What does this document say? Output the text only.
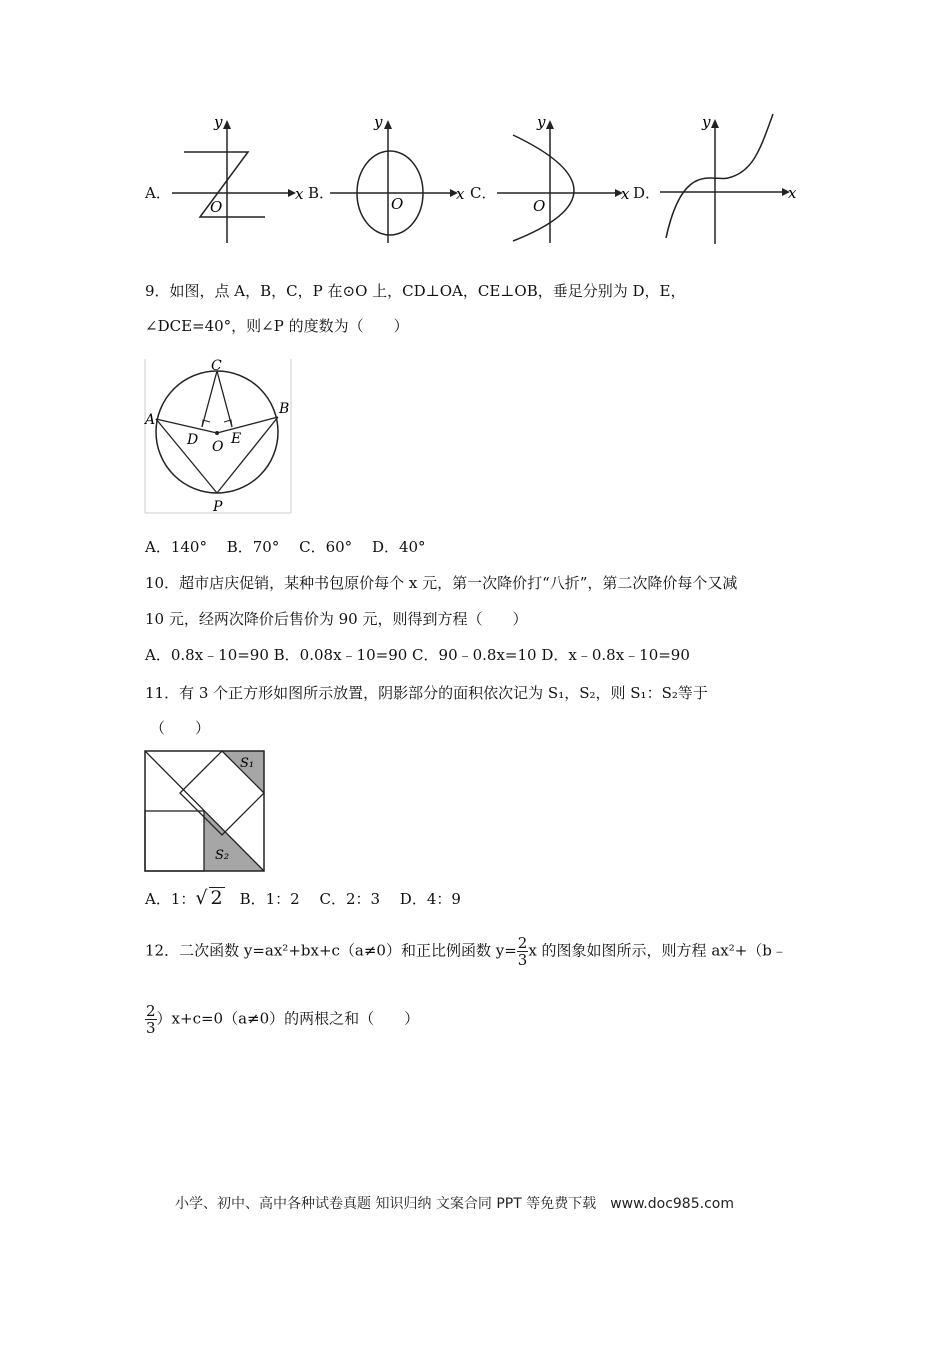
A．
y
x
O
B．
y
x
O
C．
y
x
O
D．
y
x
9．如图，点 A，B，C，P 在⊙O 上，CD⊥OA，CE⊥OB，垂足分别为 D，E，
∠DCE=40°，则∠P 的度数为（　　）
C
A
B
D E
O
P
A．140°　 B．70°　 C．60°　 D．40°
10．超市店庆促销，某种书包原价每个 x 元，第一次降价打“八折”，第二次降价每个又减
10 元，经两次降价后售价为 90 元，则得到方程（　　）
A．0.8x﹣10=90 B．0.08x﹣10=90 C．90﹣0.8x=10 D．x﹣0.8x﹣10=90
11．有 3 个正方形如图所示放置，阴影部分的面积依次记为 S₁，S₂，则 S₁：S₂等于
（　　）
S₁
S₂
A．1：√ 2　B．1：2　 C．2：3　 D．4：9
12．二次函数 y=ax²+bx+c（a≠0）和正比例函数 $y= \frac{2}{3}$ x 的图象如图所示，则方程 ax²+（b﹣
$\frac{2}{3} )x+c=0(a\ne 0)$的两根之和（　　）
小学、初中、高中各种试卷真题 知识归纳 文案合同 PPT 等免费下载　www.doc985.com
